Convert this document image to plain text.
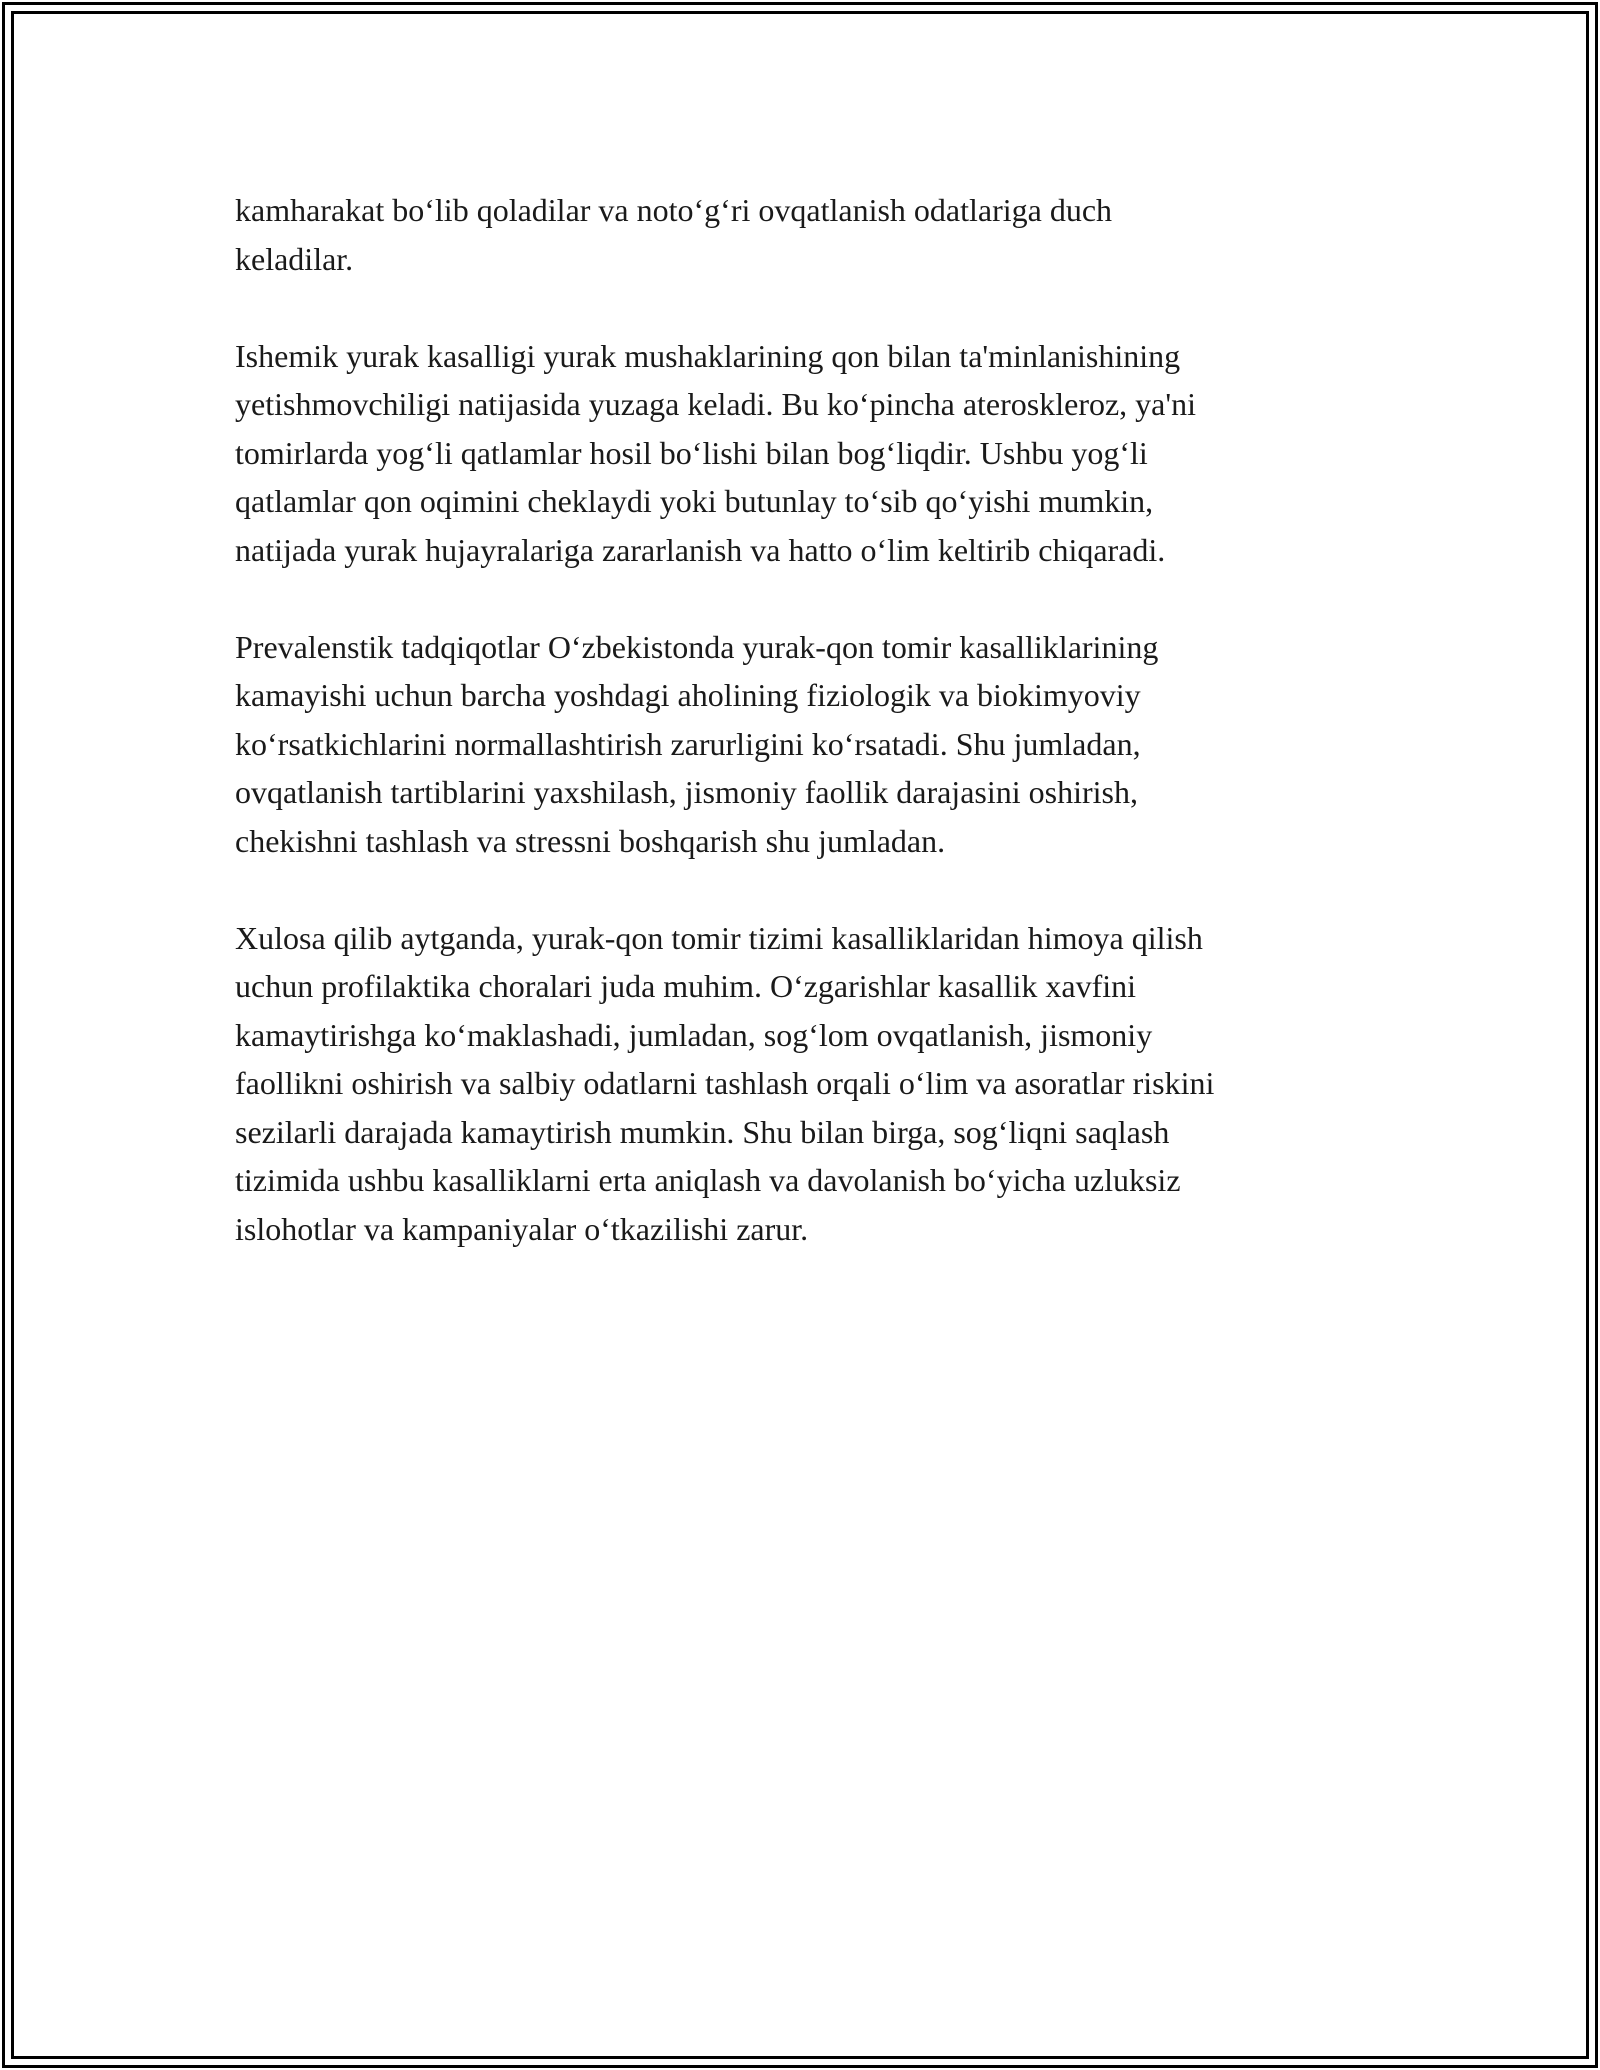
kamharakat bo‘lib qoladilar va noto‘g‘ri ovqatlanish odatlariga duch
keladilar.

Ishemik yurak kasalligi yurak mushaklarining qon bilan ta'minlanishining
yetishmovchiligi natijasida yuzaga keladi. Bu ko‘pincha ateroskleroz, ya'ni
tomirlarda yog‘li qatlamlar hosil bo‘lishi bilan bog‘liqdir. Ushbu yog‘li
qatlamlar qon oqimini cheklaydi yoki butunlay to‘sib qo‘yishi mumkin,
natijada yurak hujayralariga zararlanish va hatto o‘lim keltirib chiqaradi.

Prevalenstik tadqiqotlar O‘zbekistonda yurak-qon tomir kasalliklarining
kamayishi uchun barcha yoshdagi aholining fiziologik va biokimyoviy
ko‘rsatkichlarini normallashtirish zarurligini ko‘rsatadi. Shu jumladan,
ovqatlanish tartiblarini yaxshilash, jismoniy faollik darajasini oshirish,
chekishni tashlash va stressni boshqarish shu jumladan.

Xulosa qilib aytganda, yurak-qon tomir tizimi kasalliklaridan himoya qilish
uchun profilaktika choralari juda muhim. O‘zgarishlar kasallik xavfini
kamaytirishga ko‘maklashadi, jumladan, sog‘lom ovqatlanish, jismoniy
faollikni oshirish va salbiy odatlarni tashlash orqali o‘lim va asoratlar riskini
sezilarli darajada kamaytirish mumkin. Shu bilan birga, sog‘liqni saqlash
tizimida ushbu kasalliklarni erta aniqlash va davolanish bo‘yicha uzluksiz
islohotlar va kampaniyalar o‘tkazilishi zarur.
